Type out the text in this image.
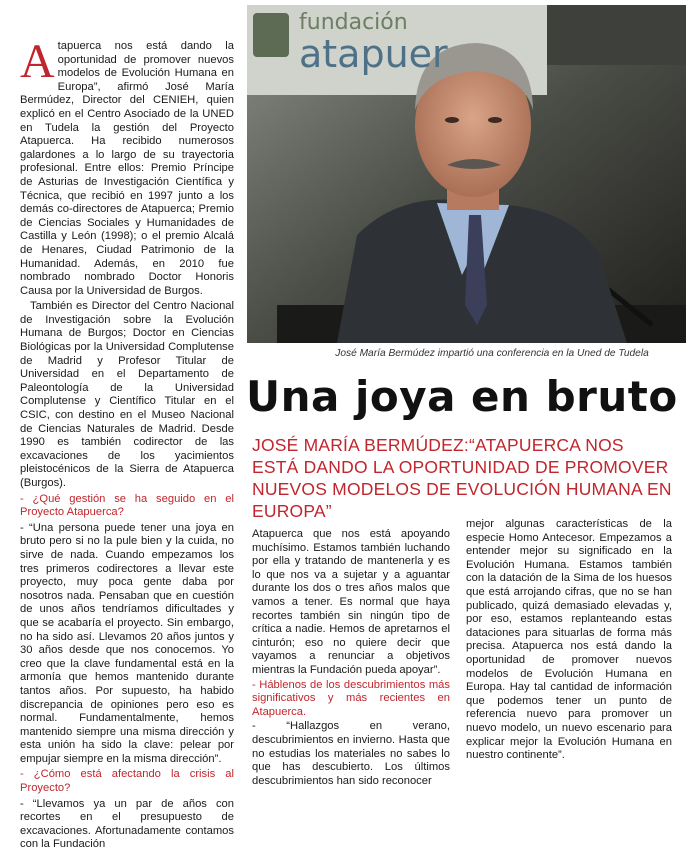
Atapuerca nos está dando la oportunidad de promover nuevos modelos de Evolución Humana en Europa”, afirmó José María Bermúdez, Director del CENIEH, quien explicó en el Centro Asociado de la UNED en Tudela la gestión del Proyecto Atapuerca. Ha recibido numerosos galardones a lo largo de su trayectoria profesional. Entre ellos: Premio Príncipe de Asturias de Investigación Científica y Técnica, que recibió en 1997 junto a los demás co-directores de Atapuerca; Premio de Ciencias Sociales y Humanidades de Castilla y León (1998); o el premio Alcalá de Henares, Ciudad Patrimonio de la Humanidad. Además, en 2010 fue nombrado nombrado Doctor Honoris Causa por la Universidad de Burgos.

También es Director del Centro Nacional de Investigación sobre la Evolución Humana de Burgos; Doctor en Ciencias Biológicas por la Universidad Complutense de Madrid y Profesor Titular de Universidad en el Departamento de Paleontología de la Universidad Complutense y Científico Titular en el CSIC, con destino en el Museo Nacional de Ciencias Naturales de Madrid. Desde 1990 es también codirector de las excavaciones de los yacimientos pleistocénicos de la Sierra de Atapuerca (Burgos).

- ¿Qué gestión se ha seguido en el Proyecto Atapuerca?

- “Una persona puede tener una joya en bruto pero si no la pule bien y la cuida, no sirve de nada. Cuando empezamos los tres primeros codirectores a llevar este proyecto, muy poca gente daba por nosotros nada. Pensaban que en cuestión de unos años tendríamos dificultades y que se acabaría el proyecto. Sin embargo, no ha sido así. Llevamos 20 años juntos y 30 años desde que nos conocemos. Yo creo que la clave fundamental está en la armonía que hemos mantenido durante tantos años. Por supuesto, ha habido discrepancia de opiniones pero eso es normal. Fundamentalmente, hemos mantenido siempre una misma dirección y esta unión ha sido la clave: pelear por empujar siempre en la misma dirección”.

- ¿Cómo está afectando la crisis al Proyecto?

- “Llevamos ya un par de años con recortes en el presupuesto de excavaciones. Afortunadamente contamos con la Fundación

fundación
atapuer
José María Bermúdez impartió una conferencia en la Uned de Tudela
Una joya en bruto
JOSÉ MARÍA BERMÚDEZ:“ATAPUERCA NOS ESTÁ DANDO LA OPORTUNIDAD DE PROMOVER NUEVOS MODELOS DE EVOLUCIÓN HUMANA EN EUROPA”

Atapuerca que nos está apoyando muchísimo. Estamos también luchando por ella y tratando de mantenerla y es lo que nos va a sujetar y a aguantar durante los dos o tres años malos que vamos a tener. Es normal que haya recortes también sin ningún tipo de crítica a nadie. Hemos de apretarnos el cinturón; eso no quiere decir que vayamos a renunciar a objetivos mientras la Fundación pueda apoyar”.

- Háblenos de los descubrimientos más significativos y más recientes en Atapuerca.

- “Hallazgos en verano, descubrimientos en invierno. Hasta que no estudias los materiales no sabes lo que has descubierto. Los últimos descubrimientos han sido reconocer

mejor algunas características de la especie Homo Antecesor. Empezamos a entender mejor su significado en la Evolución Humana. Estamos también con la datación de la Sima de los huesos que está arrojando cifras, que no se han publicado, quizá demasiado elevadas y, por eso, estamos replanteando estas dataciones para situarlas de forma más precisa. Atapuerca nos está dando la oportunidad de promover nuevos modelos de Evolución Humana en Europa. Hay tal cantidad de información que podemos tener un punto de referencia nuevo para promover un nuevo modelo, un nuevo escenario para explicar mejor la Evolución Humana en nuestro continente”.
